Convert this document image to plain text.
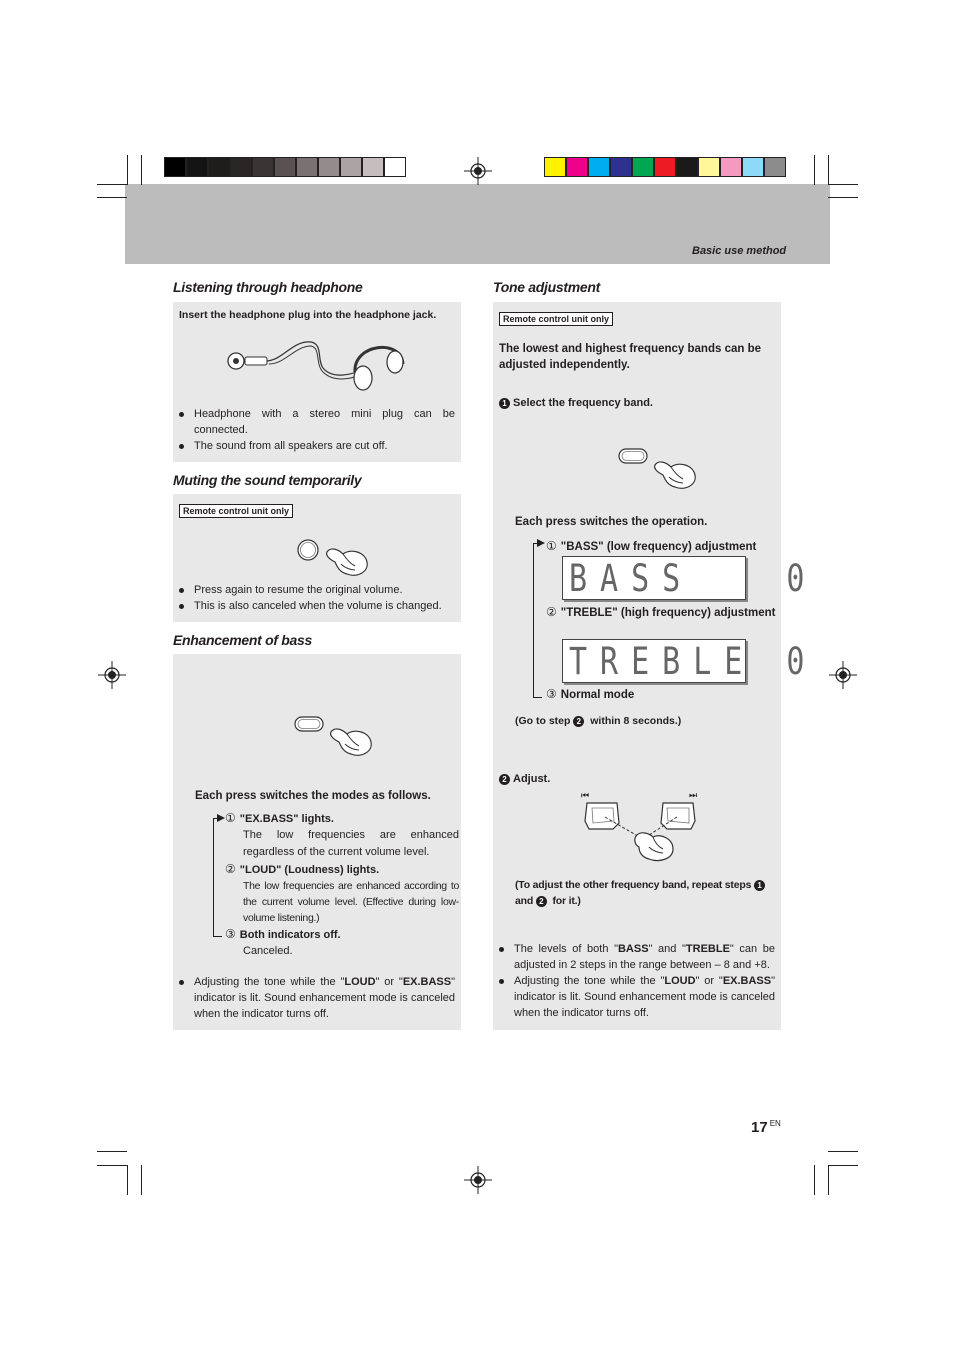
Basic use method
Listening through headphone
Insert the headphone plug into the headphone jack.
Headphone with a stereo mini plug can be connected.
The sound from all speakers are cut off.
Muting the sound temporarily
Remote control unit only
Press again to resume the original volume.
This is also canceled when the volume is changed.
Enhancement of bass
Each press switches the modes as follows.
① "EX.BASS" lights.
The low frequencies are enhanced regardless of the current volume level.
② "LOUD" (Loudness) lights.
The low frequencies are enhanced according to the current volume level. (Effective during low-volume listening.)
③ Both indicators off.
Canceled.
Adjusting the tone while the "LOUD" or "EX.BASS" indicator is lit. Sound enhancement mode is canceled when the indicator turns off.
Tone adjustment
Remote control unit only
The lowest and highest frequency bands can be adjusted independently.
1 Select the frequency band.
Each press switches the operation.
① "BASS" (low frequency) adjustment
BASS   0
② "TREBLE" (high frequency) adjustment
TREBLE 0
③ Normal mode
(Go to step 2 within 8 seconds.)
2 Adjust.
⏮	⏭
(To adjust the other frequency band, repeat steps 1 and 2 for it.)
The levels of both "BASS" and "TREBLE" can be adjusted in 2 steps in the range between – 8 and +8.
Adjusting the tone while the "LOUD" or "EX.BASS" indicator is lit. Sound enhancement mode is canceled when the indicator turns off.
17 $^{EN}$
